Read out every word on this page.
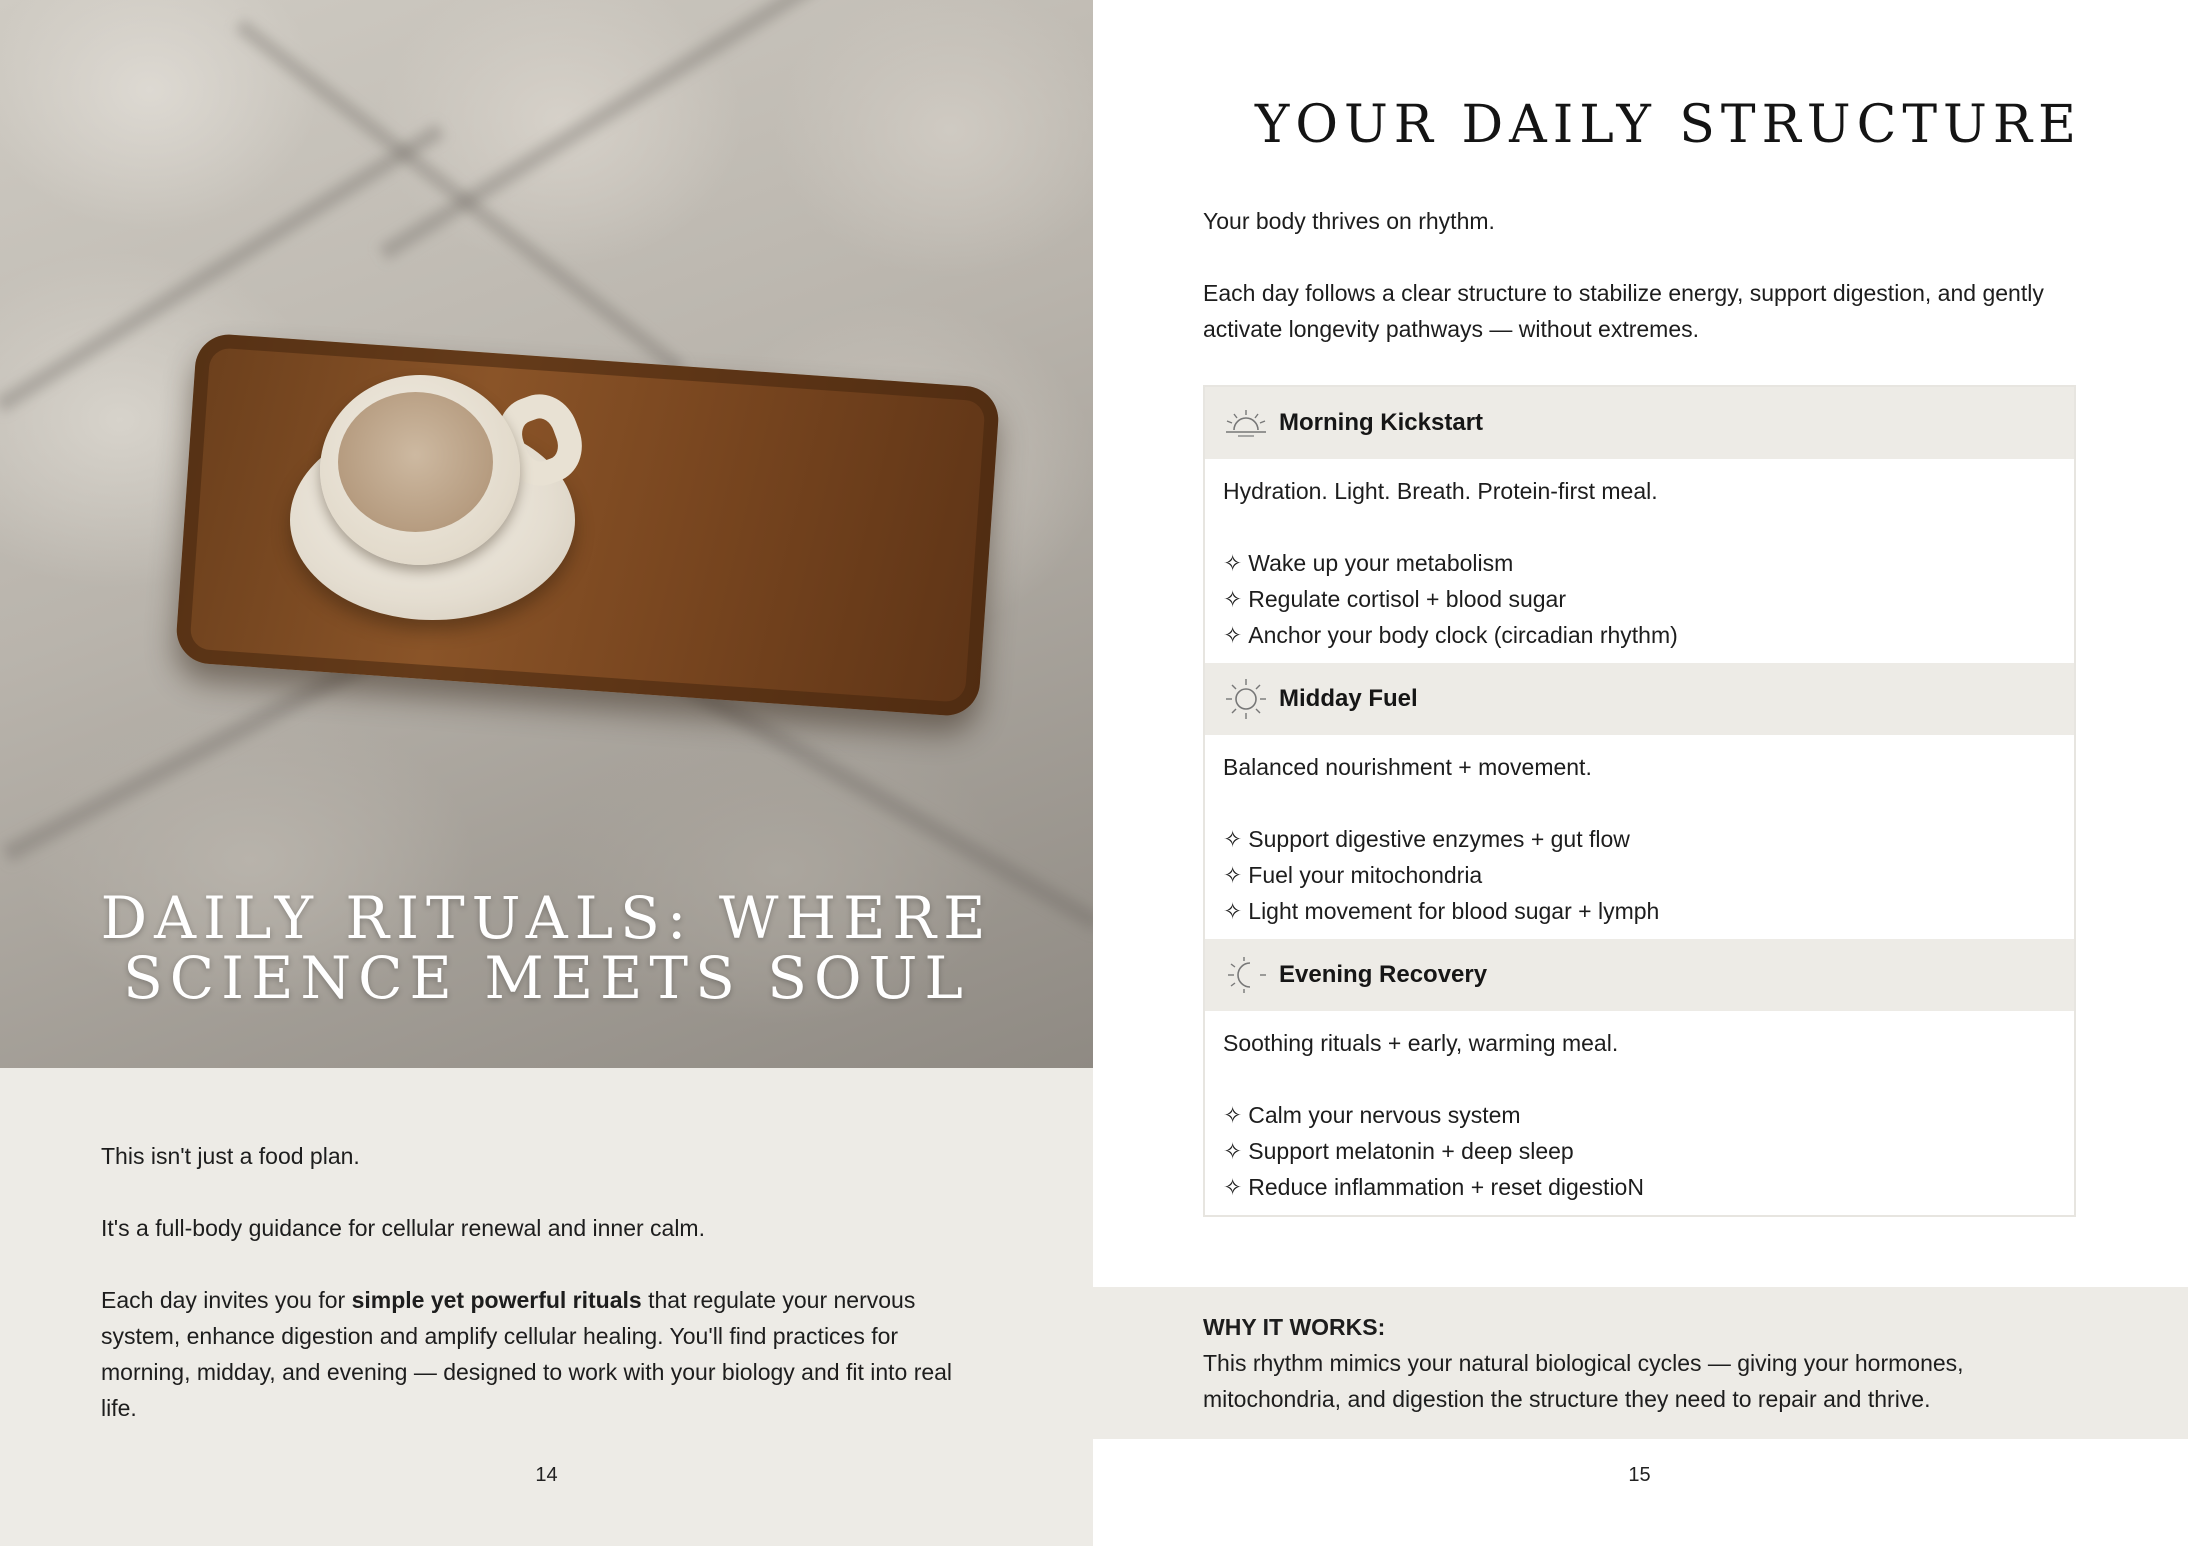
DAILY RITUALS: WHERE
SCIENCE MEETS SOUL

This isn't just a food plan.

It's a full-body guidance for cellular renewal and inner calm.

Each day invites you for simple yet powerful rituals that regulate your nervous system, enhance digestion and amplify cellular healing. You'll find practices for morning, midday, and evening — designed to work with your biology and fit into real life.

14
YOUR DAILY STRUCTURE

Your body thrives on rhythm.

Each day follows a clear structure to stabilize energy, support digestion, and gently activate longevity pathways — without extremes.

Morning Kickstart
Hydration. Light. Breath. Protein-first meal.
✧ Wake up your metabolism
✧ Regulate cortisol + blood sugar
✧ Anchor your body clock (circadian rhythm)
Midday Fuel
Balanced nourishment + movement.
✧ Support digestive enzymes + gut flow
✧ Fuel your mitochondria
✧ Light movement for blood sugar + lymph
Evening Recovery
Soothing rituals + early, warming meal.
✧ Calm your nervous system
✧ Support melatonin + deep sleep
✧ Reduce inflammation + reset digestioN
WHY IT WORKS:
This rhythm mimics your natural biological cycles — giving your hormones, mitochondria, and digestion the structure they need to repair and thrive.
15
